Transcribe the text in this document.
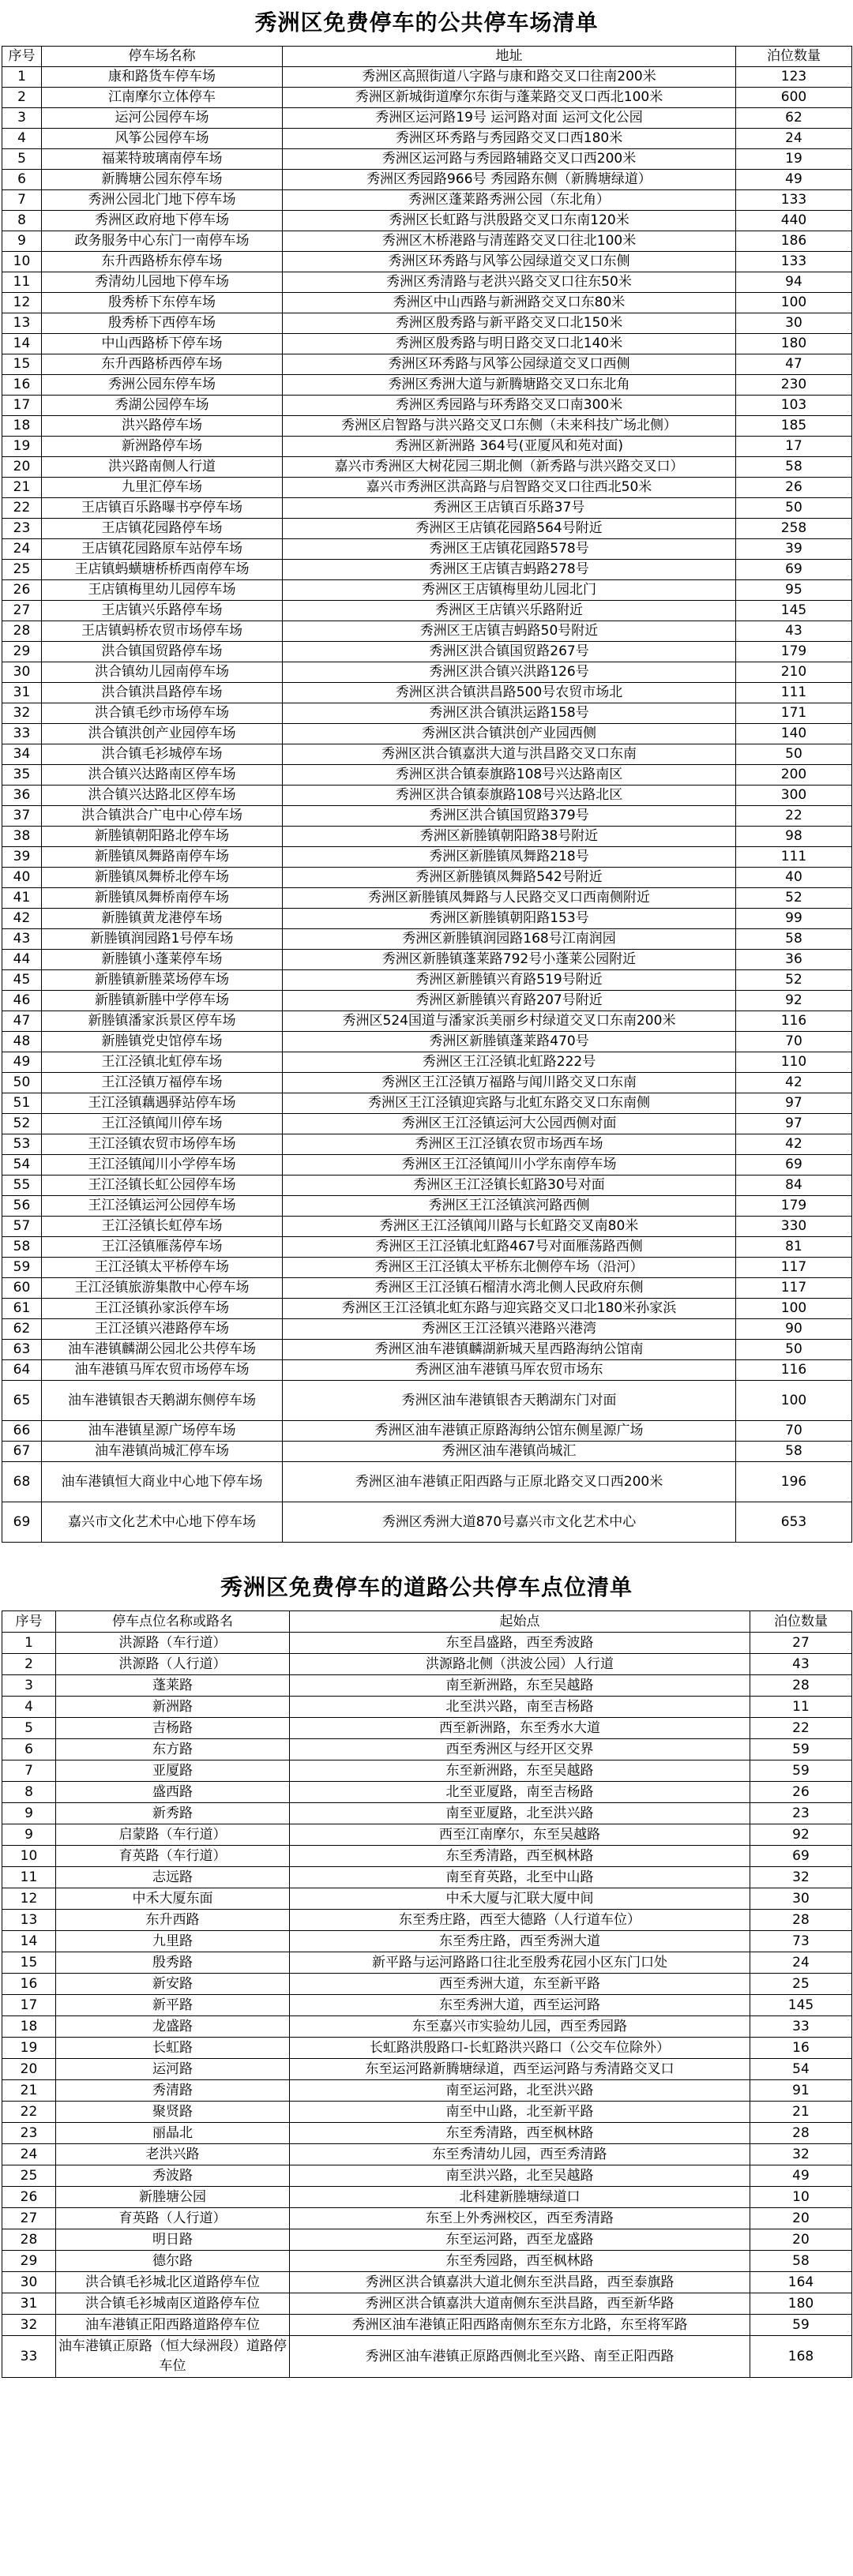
秀洲区免费停车的公共停车场清单
序号	停车场名称	地址	泊位数量
1	康和路货车停车场	秀洲区高照街道八字路与康和路交叉口往南200米	123
2	江南摩尔立体停车	秀洲区新城街道摩尔东街与蓬莱路交叉口西北100米	600
3	运河公园停车场	秀洲区运河路19号 运河路对面 运河文化公园	62
4	风筝公园停车场	秀洲区环秀路与秀园路交叉口西180米	24
5	福莱特玻璃南停车场	秀洲区运河路与秀园路辅路交叉口西200米	19
6	新腾塘公园东停车场	秀洲区秀园路966号 秀园路东侧（新腾塘绿道）	49
7	秀洲公园北门地下停车场	秀洲区蓬莱路秀洲公园（东北角）	133
8	秀洲区政府地下停车场	秀洲区长虹路与洪殷路交叉口东南120米	440
9	政务服务中心东门一南停车场	秀洲区木桥港路与清莲路交叉口往北100米	186
10	东升西路桥东停车场	秀洲区环秀路与风筝公园绿道交叉口东侧	133
11	秀清幼儿园地下停车场	秀洲区秀清路与老洪兴路交叉口往东50米	94
12	殷秀桥下东停车场	秀洲区中山西路与新洲路交叉口东80米	100
13	殷秀桥下西停车场	秀洲区殷秀路与新平路交叉口北150米	30
14	中山西路桥下停车场	秀洲区殷秀路与明日路交叉口北140米	180
15	东升西路桥西停车场	秀洲区环秀路与风筝公园绿道交叉口西侧	47
16	秀洲公园东停车场	秀洲区秀洲大道与新腾塘路交叉口东北角	230
17	秀湖公园停车场	秀洲区秀园路与环秀路交叉口南300米	103
18	洪兴路停车场	秀洲区启智路与洪兴路交叉口东侧（未来科技广场北侧）	185
19	新洲路停车场	秀洲区新洲路 364号(亚厦风和苑对面)	17
20	洪兴路南侧人行道	嘉兴市秀洲区大树花园三期北侧（新秀路与洪兴路交叉口）	58
21	九里汇停车场	嘉兴市秀洲区洪高路与启智路交叉口往西北50米	26
22	王店镇百乐路曝书亭停车场	秀洲区王店镇百乐路37号	50
23	王店镇花园路停车场	秀洲区王店镇花园路564号附近	258
24	王店镇花园路原车站停车场	秀洲区王店镇花园路578号	39
25	王店镇蚂蟥塘桥桥西南停车场	秀洲区王店镇吉蚂路278号	69
26	王店镇梅里幼儿园停车场	秀洲区王店镇梅里幼儿园北门	95
27	王店镇兴乐路停车场	秀洲区王店镇兴乐路附近	145
28	王店镇蚂桥农贸市场停车场	秀洲区王店镇吉蚂路50号附近	43
29	洪合镇国贸路停车场	秀洲区洪合镇国贸路267号	179
30	洪合镇幼儿园南停车场	秀洲区洪合镇兴洪路126号	210
31	洪合镇洪昌路停车场	秀洲区洪合镇洪昌路500号农贸市场北	111
32	洪合镇毛纱市场停车场	秀洲区洪合镇洪运路158号	171
33	洪合镇洪创产业园停车场	秀洲区洪合镇洪创产业园西侧	140
34	洪合镇毛衫城停车场	秀洲区洪合镇嘉洪大道与洪昌路交叉口东南	50
35	洪合镇兴达路南区停车场	秀洲区洪合镇泰旗路108号兴达路南区	200
36	洪合镇兴达路北区停车场	秀洲区洪合镇泰旗路108号兴达路北区	300
37	洪合镇洪合广电中心停车场	秀洲区洪合镇国贸路379号	22
38	新塍镇朝阳路北停车场	秀洲区新塍镇朝阳路38号附近	98
39	新塍镇凤舞路南停车场	秀洲区新塍镇凤舞路218号	111
40	新塍镇凤舞桥北停车场	秀洲区新塍镇凤舞路542号附近	40
41	新塍镇凤舞桥南停车场	秀洲区新塍镇凤舞路与人民路交叉口西南侧附近	52
42	新塍镇黄龙港停车场	秀洲区新塍镇朝阳路153号	99
43	新塍镇润园路1号停车场	秀洲区新塍镇润园路168号江南润园	58
44	新塍镇小蓬莱停车场	秀洲区新塍镇蓬莱路792号小蓬莱公园附近	36
45	新塍镇新塍菜场停车场	秀洲区新塍镇兴育路519号附近	52
46	新塍镇新塍中学停车场	秀洲区新塍镇兴育路207号附近	92
47	新塍镇潘家浜景区停车场	秀洲区524国道与潘家浜美丽乡村绿道交叉口东南200米	116
48	新塍镇党史馆停车场	秀洲区新塍镇蓬莱路470号	70
49	王江泾镇北虹停车场	秀洲区王江泾镇北虹路222号	110
50	王江泾镇万福停车场	秀洲区王江泾镇万福路与闻川路交叉口东南	42
51	王江泾镇藕遇驿站停车场	秀洲区王江泾镇迎宾路与北虹东路交叉口东南侧	97
52	王江泾镇闻川停车场	秀洲区王江泾镇运河大公园西侧对面	97
53	王江泾镇农贸市场停车场	秀洲区王江泾镇农贸市场西车场	42
54	王江泾镇闻川小学停车场	秀洲区王江泾镇闻川小学东南停车场	69
55	王江泾镇长虹公园停车场	秀洲区王江泾镇长虹路30号对面	84
56	王江泾镇运河公园停车场	秀洲区王江泾镇滨河路西侧	179
57	王江泾镇长虹停车场	秀洲区王江泾镇闻川路与长虹路交叉南80米	330
58	王江泾镇雁荡停车场	秀洲区王江泾镇北虹路467号对面雁荡路西侧	81
59	王江泾镇太平桥停车场	秀洲区王江泾镇太平桥东北侧停车场（沿河）	117
60	王江泾镇旅游集散中心停车场	秀洲区王江泾镇石榴清水湾北侧人民政府东侧	117
61	王江泾镇孙家浜停车场	秀洲区王江泾镇北虹东路与迎宾路交叉口北180米孙家浜	100
62	王江泾镇兴港路停车场	秀洲区王江泾镇兴港路兴港湾	90
63	油车港镇麟湖公园北公共停车场	秀洲区油车港镇麟湖新城天星西路海纳公馆南	50
64	油车港镇马厍农贸市场停车场	秀洲区油车港镇马厍农贸市场东	116
65	油车港镇银杏天鹅湖东侧停车场	秀洲区油车港镇银杏天鹅湖东门对面	100
66	油车港镇星源广场停车场	秀洲区油车港镇正原路海纳公馆东侧星源广场	70
67	油车港镇尚城汇停车场	秀洲区油车港镇尚城汇	58
68	油车港镇恒大商业中心地下停车场	秀洲区油车港镇正阳西路与正原北路交叉口西200米	196
69	嘉兴市文化艺术中心地下停车场	秀洲区秀洲大道870号嘉兴市文化艺术中心	653
秀洲区免费停车的道路公共停车点位清单
序号	停车点位名称或路名	起始点	泊位数量
1	洪源路（车行道）	东至昌盛路，西至秀波路	27
2	洪源路（人行道）	洪源路北侧（洪波公园）人行道	43
3	蓬莱路	南至新洲路，东至吴越路	28
4	新洲路	北至洪兴路，南至吉杨路	11
5	吉杨路	西至新洲路，东至秀水大道	22
6	东方路	西至秀洲区与经开区交界	59
7	亚厦路	东至新洲路，东至吴越路	59
8	盛西路	北至亚厦路，南至吉杨路	26
9	新秀路	南至亚厦路，北至洪兴路	23
9	启蒙路（车行道）	西至江南摩尔，东至吴越路	92
10	育英路（车行道）	东至秀清路，西至枫林路	69
11	志远路	南至育英路，北至中山路	32
12	中禾大厦东面	中禾大厦与汇联大厦中间	30
13	东升西路	东至秀庄路，西至大德路（人行道车位）	28
14	九里路	东至秀庄路，西至秀洲大道	73
15	殷秀路	新平路与运河路路口往北至殷秀花园小区东门口处	24
16	新安路	西至秀洲大道，东至新平路	25
17	新平路	东至秀洲大道，西至运河路	145
18	龙盛路	东至嘉兴市实验幼儿园，西至秀园路	33
19	长虹路	长虹路洪殷路口-长虹路洪兴路口（公交车位除外）	16
20	运河路	东至运河路新腾塘绿道，西至运河路与秀清路交叉口	54
21	秀清路	南至运河路，北至洪兴路	91
22	聚贤路	南至中山路，北至新平路	21
23	丽晶北	东至秀清路，西至枫林路	28
24	老洪兴路	东至秀清幼儿园，西至秀清路	32
25	秀波路	南至洪兴路，北至吴越路	49
26	新塍塘公园	北科建新塍塘绿道口	10
27	育英路（人行道）	东至上外秀洲校区，西至秀清路	20
28	明日路	东至运河路，西至龙盛路	20
29	德尔路	东至秀园路，西至枫林路	58
30	洪合镇毛衫城北区道路停车位	秀洲区洪合镇嘉洪大道北侧东至洪昌路，西至泰旗路	164
31	洪合镇毛衫城南区道路停车位	秀洲区洪合镇嘉洪大道南侧东至洪昌路，西至新华路	180
32	油车港镇正阳西路道路停车位	秀洲区油车港镇正阳西路南侧东至东方北路，东至将军路	59
33	油车港镇正原路（恒大绿洲段）道路停车位	秀洲区油车港镇正原路西侧北至兴路、南至正阳西路	168
